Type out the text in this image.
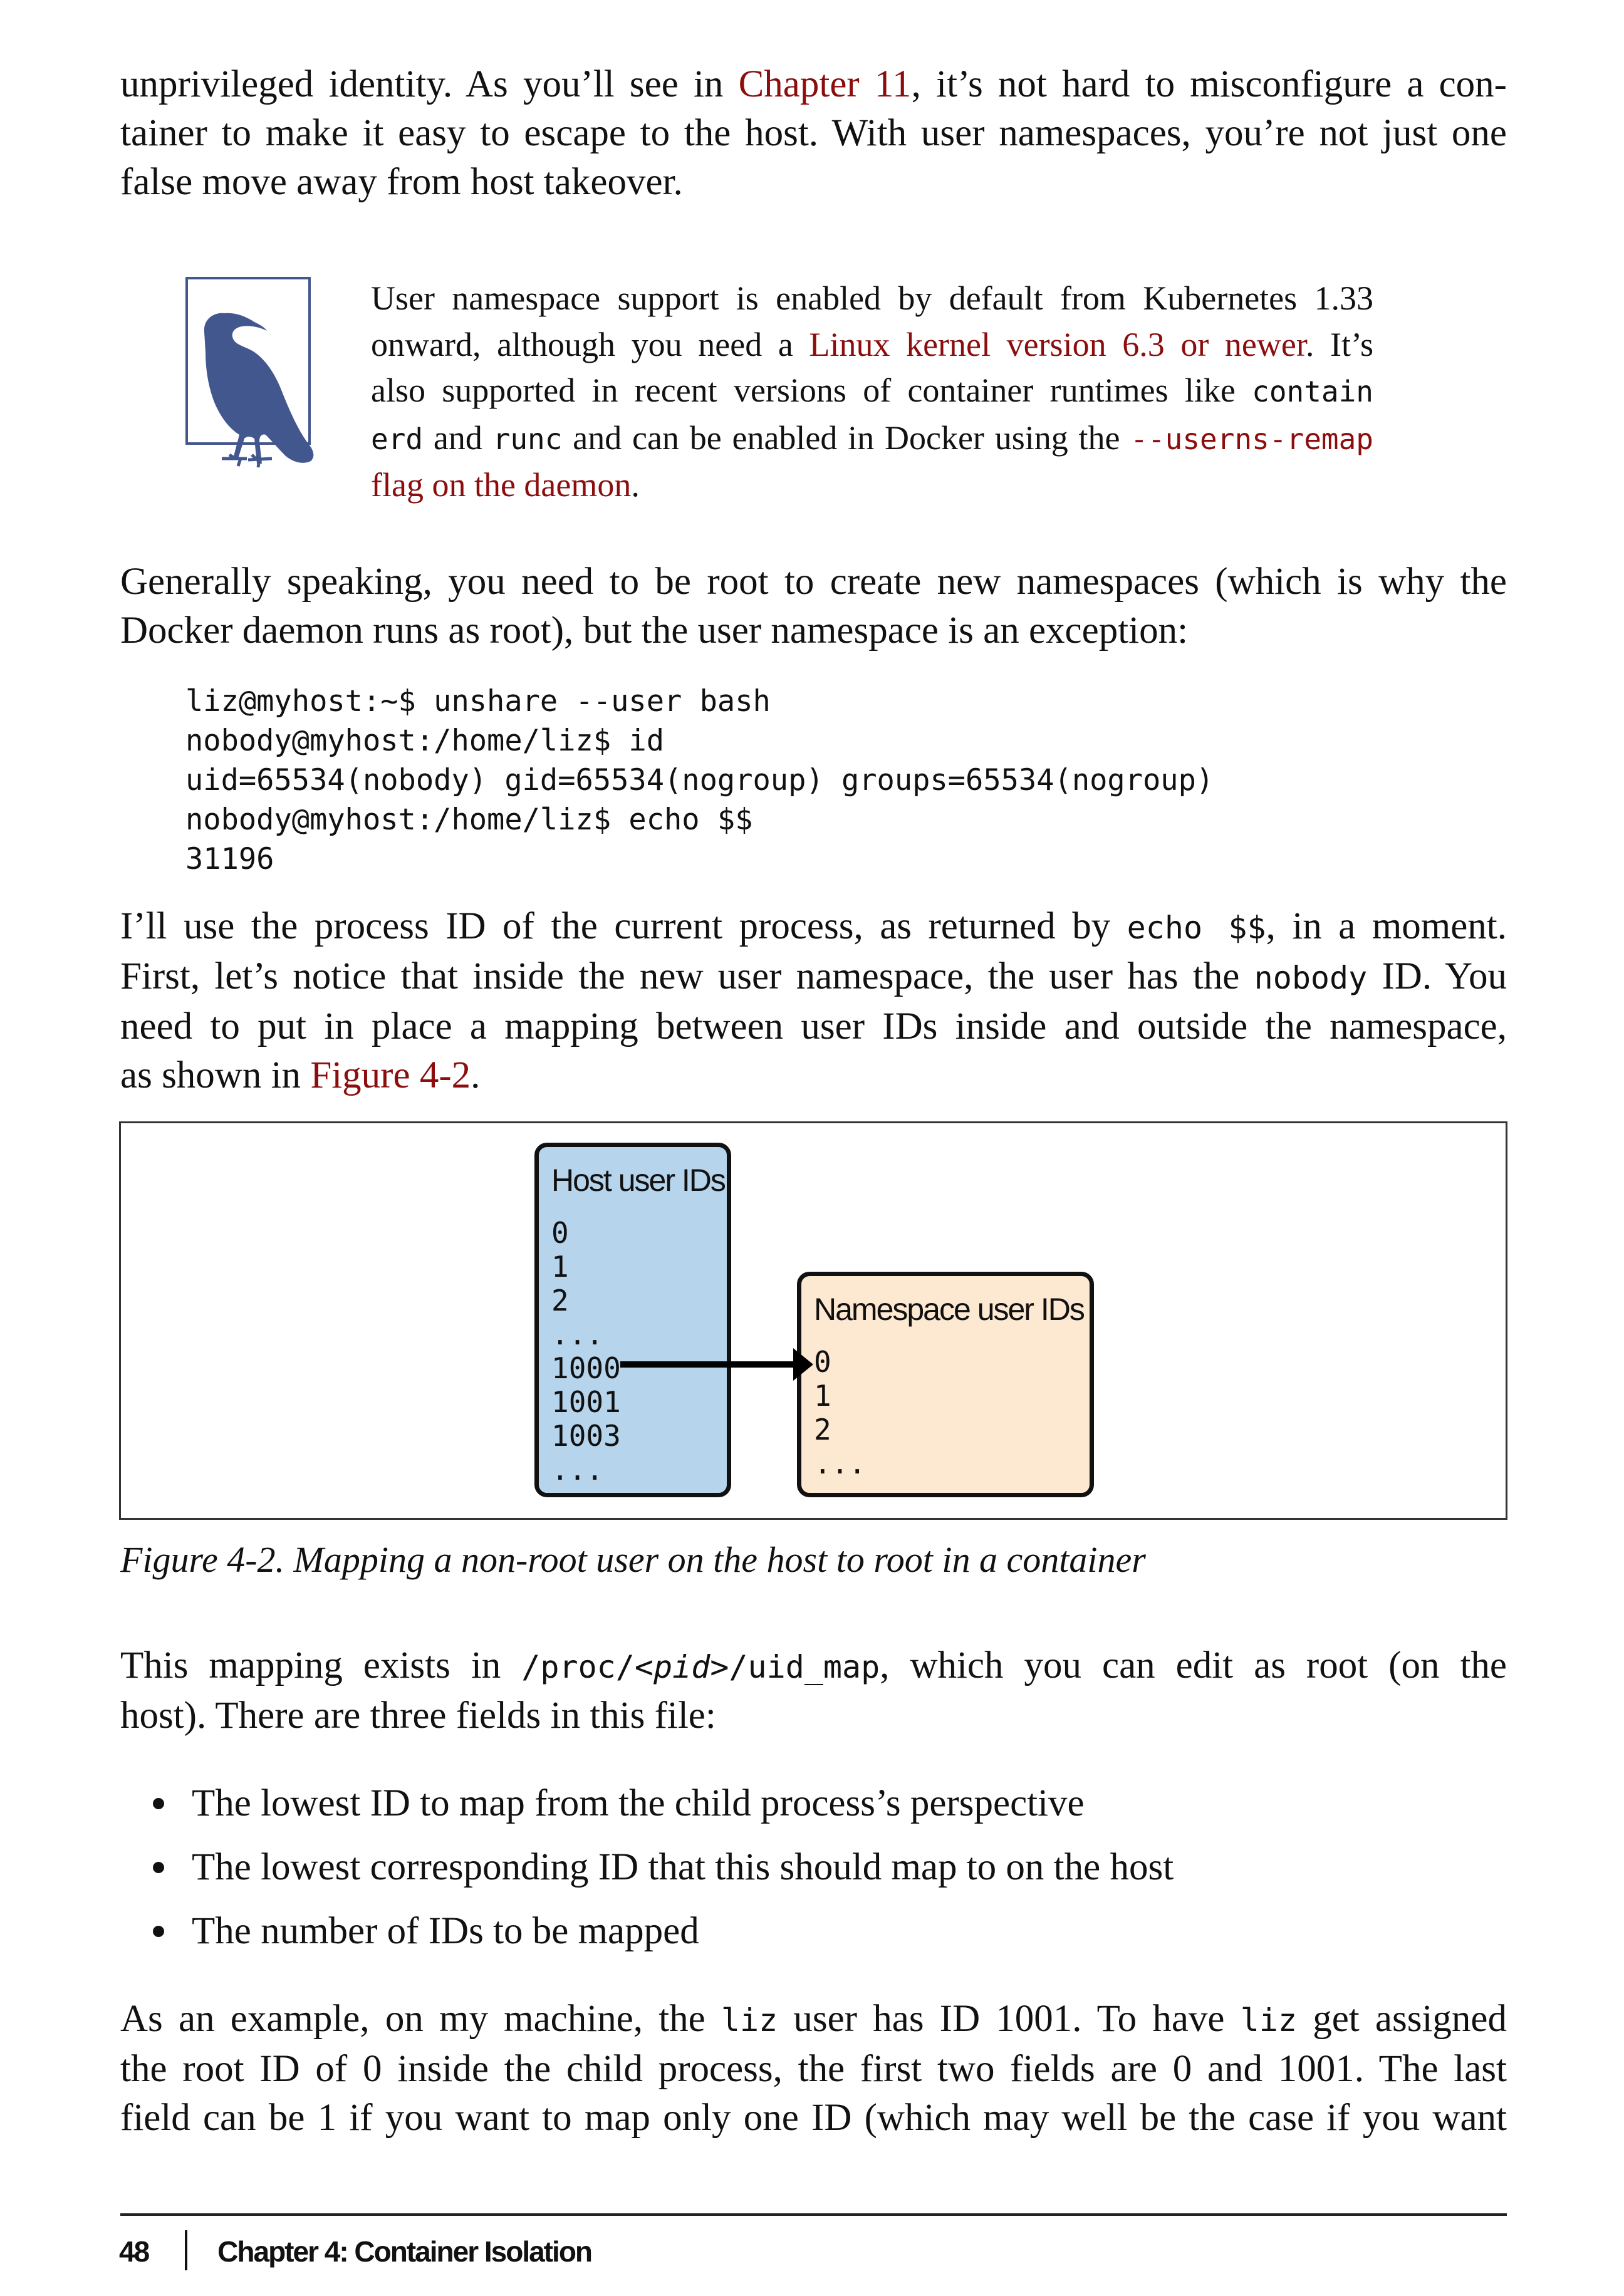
unprivileged identity. As you’ll see in Chapter 11, it’s not hard to misconfigure a con-
tainer to make it easy to escape to the host. With user namespaces, you’re not just one
false move away from host takeover.
User namespace support is enabled by default from Kubernetes 1.33
onward, although you need a Linux kernel version 6.3 or newer. It’s
also supported in recent versions of container runtimes like contain
erd and runc and can be enabled in Docker using the --userns-remap
flag on the daemon.
Generally speaking, you need to be root to create new namespaces (which is why the
Docker daemon runs as root), but the user namespace is an exception:
liz@myhost:~$ unshare --user bash
nobody@myhost:/home/liz$ id
uid=65534(nobody) gid=65534(nogroup) groups=65534(nogroup)
nobody@myhost:/home/liz$ echo $$
31196
I’ll use the process ID of the current process, as returned by echo $$, in a moment.
First, let’s notice that inside the new user namespace, the user has the nobody ID. You
need to put in place a mapping between user IDs inside and outside the namespace,
as shown in Figure 4-2.
Host user IDs
0
1
2
...
1000
1001
1003
...
Namespace user IDs
0
1
2
...
Figure 4-2. Mapping a non-root user on the host to root in a container
This mapping exists in /proc/<pid>/uid_map, which you can edit as root (on the
host). There are three fields in this file:
The lowest ID to map from the child process’s perspective
The lowest corresponding ID that this should map to on the host
The number of IDs to be mapped
As an example, on my machine, the liz user has ID 1001. To have liz get assigned
the root ID of 0 inside the child process, the first two fields are 0 and 1001. The last
field can be 1 if you want to map only one ID (which may well be the case if you want
48 Chapter 4: Container Isolation
